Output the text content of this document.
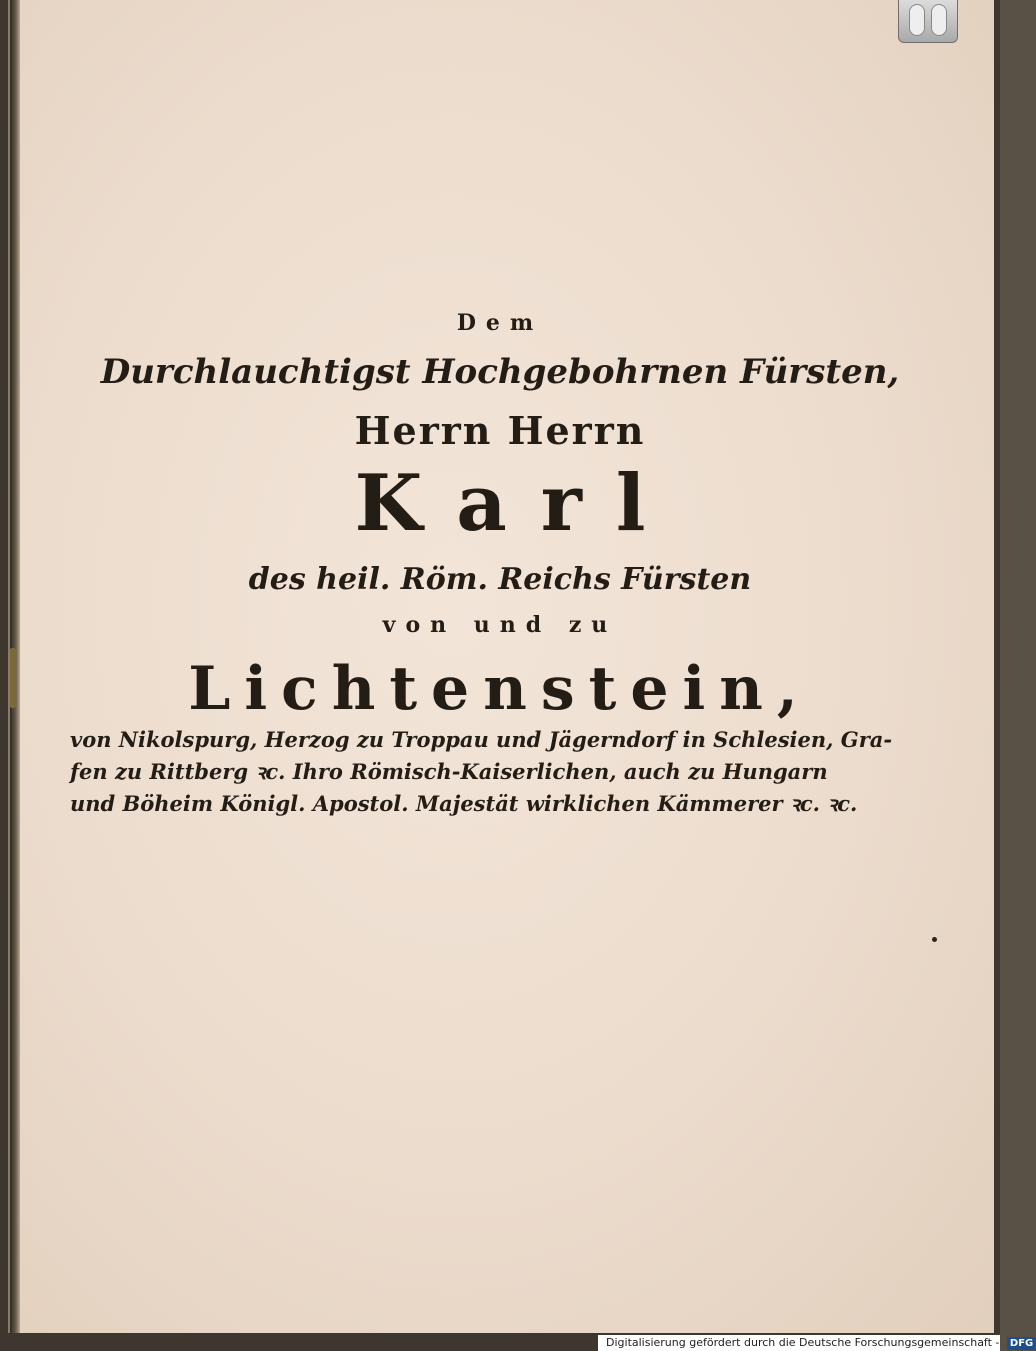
Dem
Durchlauchtigst Hochgebohrnen Fürsten,
Herrn Herrn
Karl
des heil. Röm. Reichs Fürsten
von und zu
Lichtenstein,
von Nikolspurg, Herzog zu Troppau und Jägerndorf in Schlesien, Gra-
fen zu Rittberg ꝛc. Ihro Römisch-Kaiserlichen, auch zu Hungarn
und Böheim Königl. Apostol. Majestät wirklichen Kämmerer ꝛc. ꝛc.
Digitalisierung gefördert durch die Deutsche Forschungsgemeinschaft - DFG
